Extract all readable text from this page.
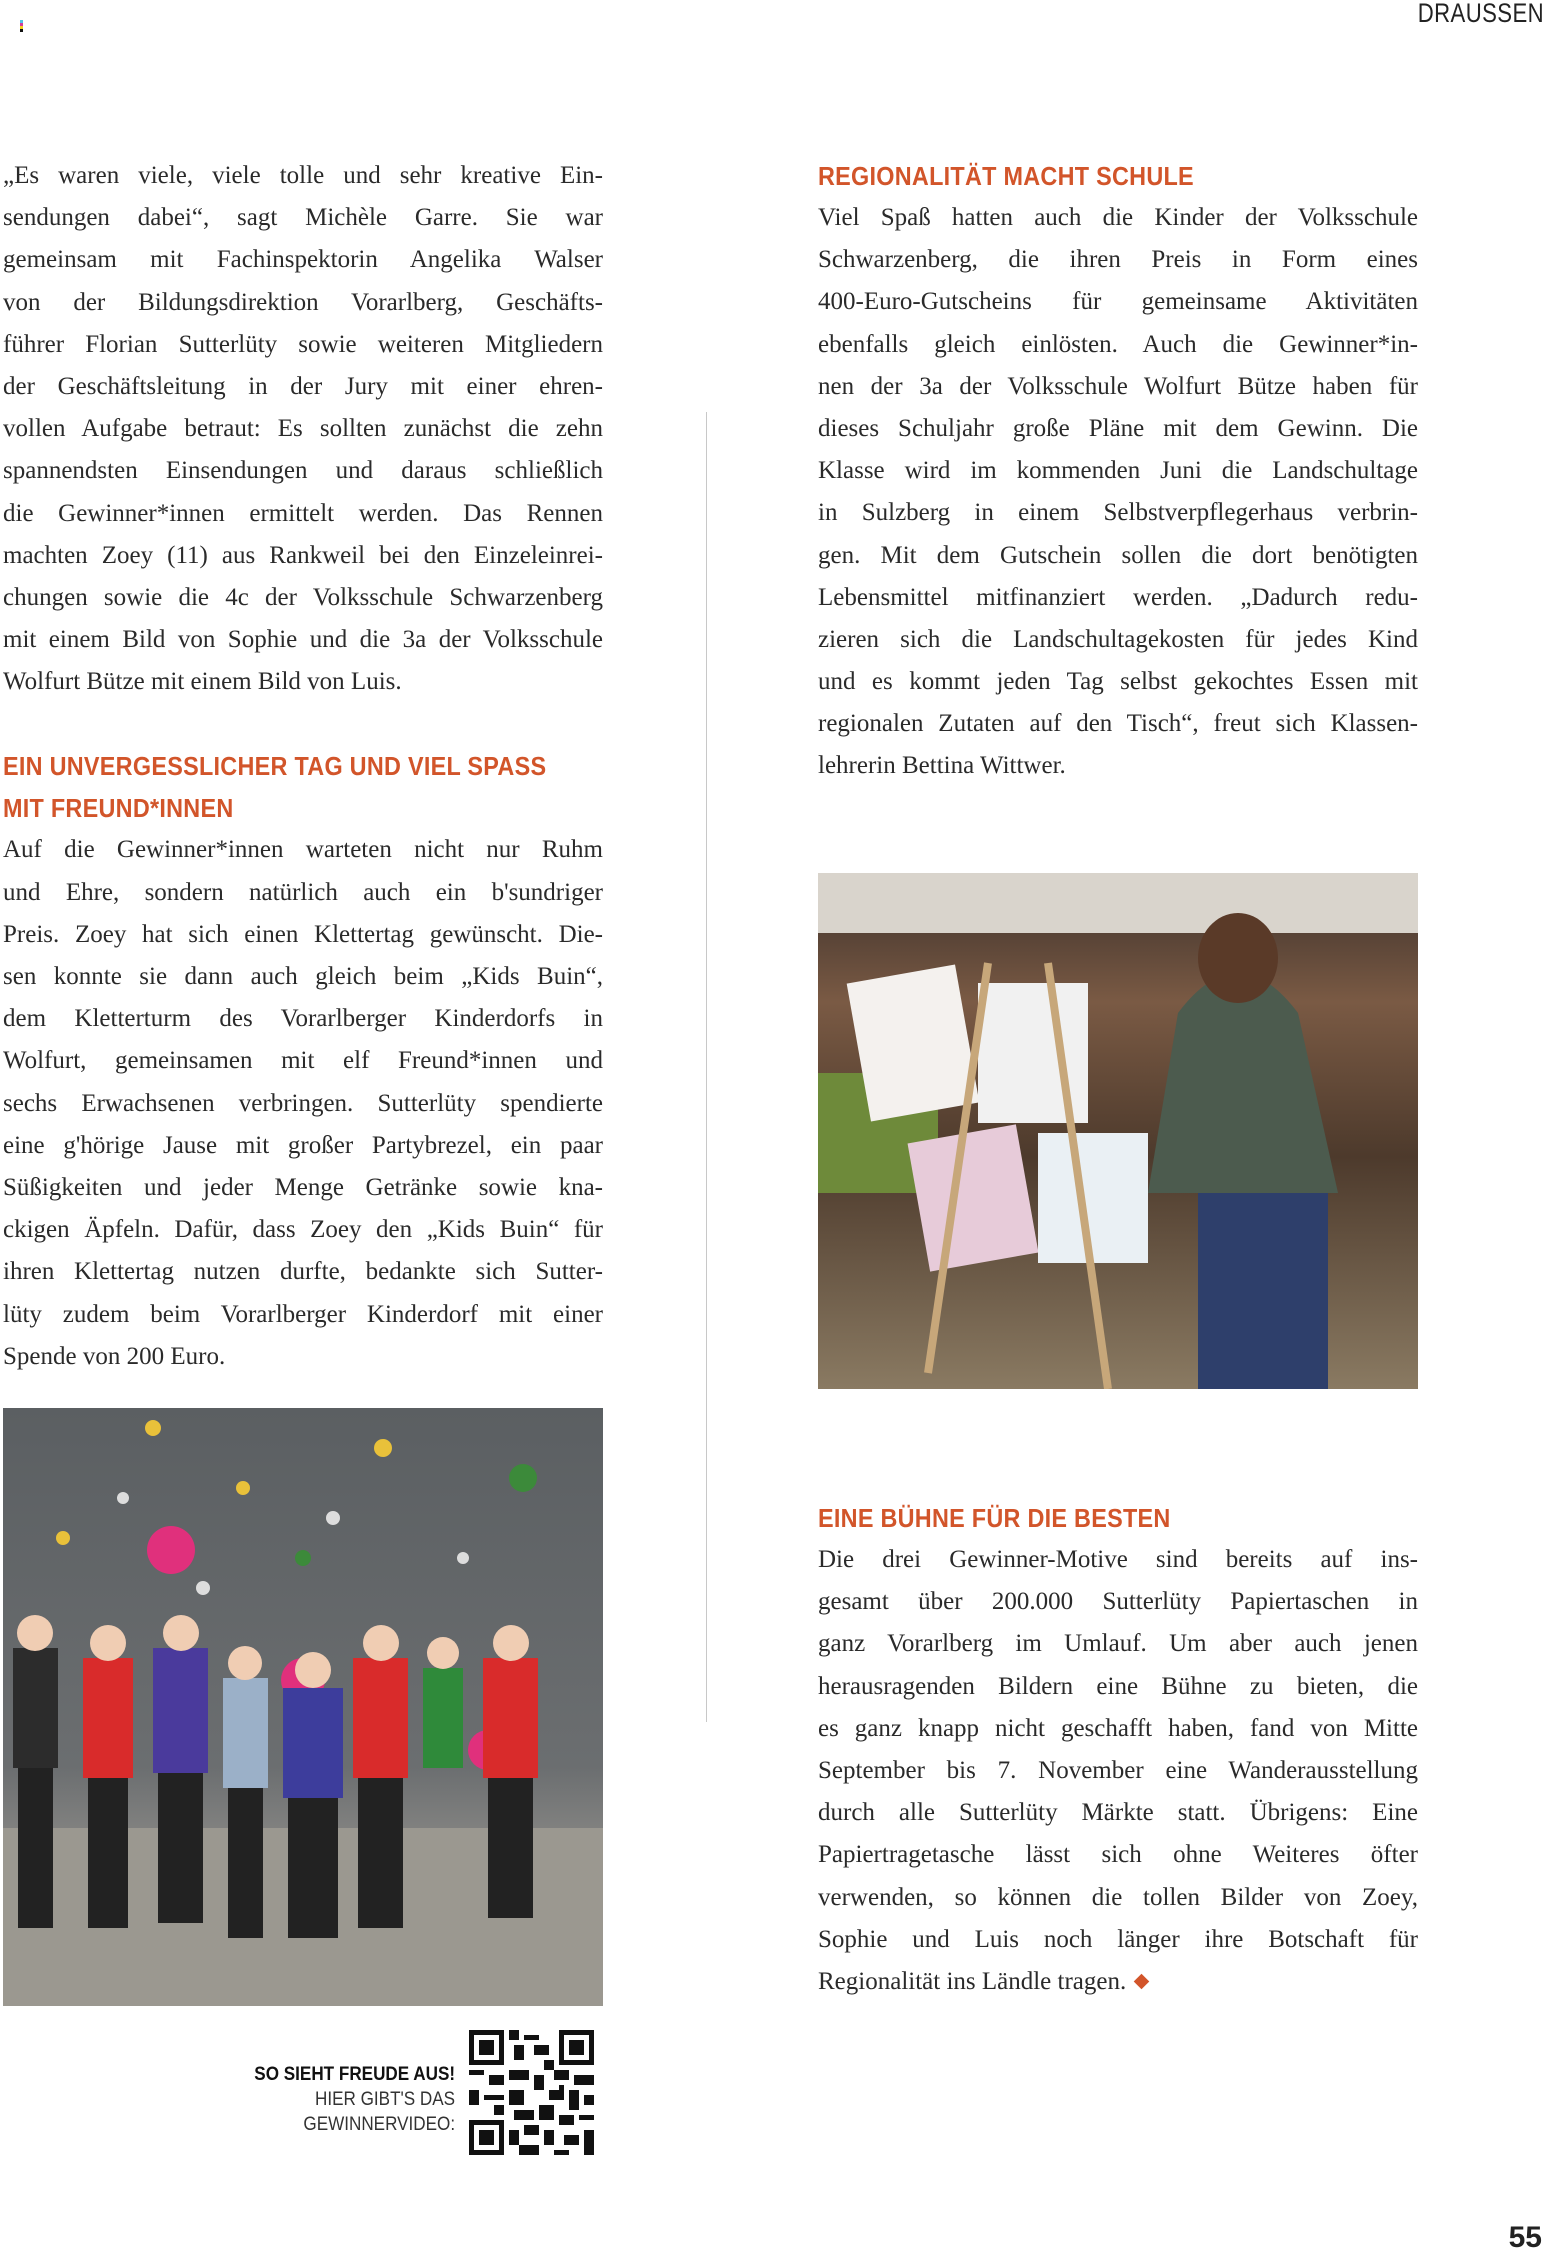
DRAUSSEN
„Es waren viele, viele tolle und sehr kreative Ein-
sendungen dabei“, sagt Michèle Garre. Sie war
gemeinsam mit Fachinspektorin Angelika Walser
von der Bildungsdirektion Vorarlberg, Geschäfts-
führer Florian Sutterlüty sowie weiteren Mitgliedern
der Geschäftsleitung in der Jury mit einer ehren-
vollen Aufgabe betraut: Es sollten zunächst die zehn
spannendsten Einsendungen und daraus schließlich
die Gewinner*innen ermittelt werden. Das Rennen
machten Zoey (11) aus Rankweil bei den Einzeleinrei-
chungen sowie die 4c der Volksschule Schwarzenberg
mit einem Bild von Sophie und die 3a der Volksschule
Wolfurt Bütze mit einem Bild von Luis.
EIN UNVERGESSLICHER TAG UND VIEL SPASS
MIT FREUND*INNEN
Auf die Gewinner*innen warteten nicht nur Ruhm
und Ehre, sondern natürlich auch ein b'sundriger
Preis. Zoey hat sich einen Klettertag gewünscht. Die-
sen konnte sie dann auch gleich beim „Kids Buin“,
dem Kletterturm des Vorarlberger Kinderdorfs in
Wolfurt, gemeinsamen mit elf Freund*innen und
sechs Erwachsenen verbringen. Sutterlüty spendierte
eine g'hörige Jause mit großer Partybrezel, ein paar
Süßigkeiten und jeder Menge Getränke sowie kna-
ckigen Äpfeln. Dafür, dass Zoey den „Kids Buin“ für
ihren Klettertag nutzen durfte, bedankte sich Sutter-
lüty zudem beim Vorarlberger Kinderdorf mit einer
Spende von 200 Euro.
SO SIEHT FREUDE AUS!
HIER GIBT'S DAS
GEWINNERVIDEO:
REGIONALITÄT MACHT SCHULE
Viel Spaß hatten auch die Kinder der Volksschule
Schwarzenberg, die ihren Preis in Form eines
400-Euro-Gutscheins für gemeinsame Aktivitäten
ebenfalls gleich einlösten. Auch die Gewinner*in-
nen der 3a der Volksschule Wolfurt Bütze haben für
dieses Schuljahr große Pläne mit dem Gewinn. Die
Klasse wird im kommenden Juni die Landschultage
in Sulzberg in einem Selbstverpflegerhaus verbrin-
gen. Mit dem Gutschein sollen die dort benötigten
Lebensmittel mitfinanziert werden. „Dadurch redu-
zieren sich die Landschultagekosten für jedes Kind
und es kommt jeden Tag selbst gekochtes Essen mit
regionalen Zutaten auf den Tisch“, freut sich Klassen-
lehrerin Bettina Wittwer.
EINE BÜHNE FÜR DIE BESTEN
Die drei Gewinner-Motive sind bereits auf ins-
gesamt über 200.000 Sutterlüty Papiertaschen in
ganz Vorarlberg im Umlauf. Um aber auch jenen
herausragenden Bildern eine Bühne zu bieten, die
es ganz knapp nicht geschafft haben, fand von Mitte
September bis 7. November eine Wanderausstellung
durch alle Sutterlüty Märkte statt. Übrigens: Eine
Papiertragetasche lässt sich ohne Weiteres öfter
verwenden, so können die tollen Bilder von Zoey,
Sophie und Luis noch länger ihre Botschaft für
Regionalität ins Ländle tragen.
55
